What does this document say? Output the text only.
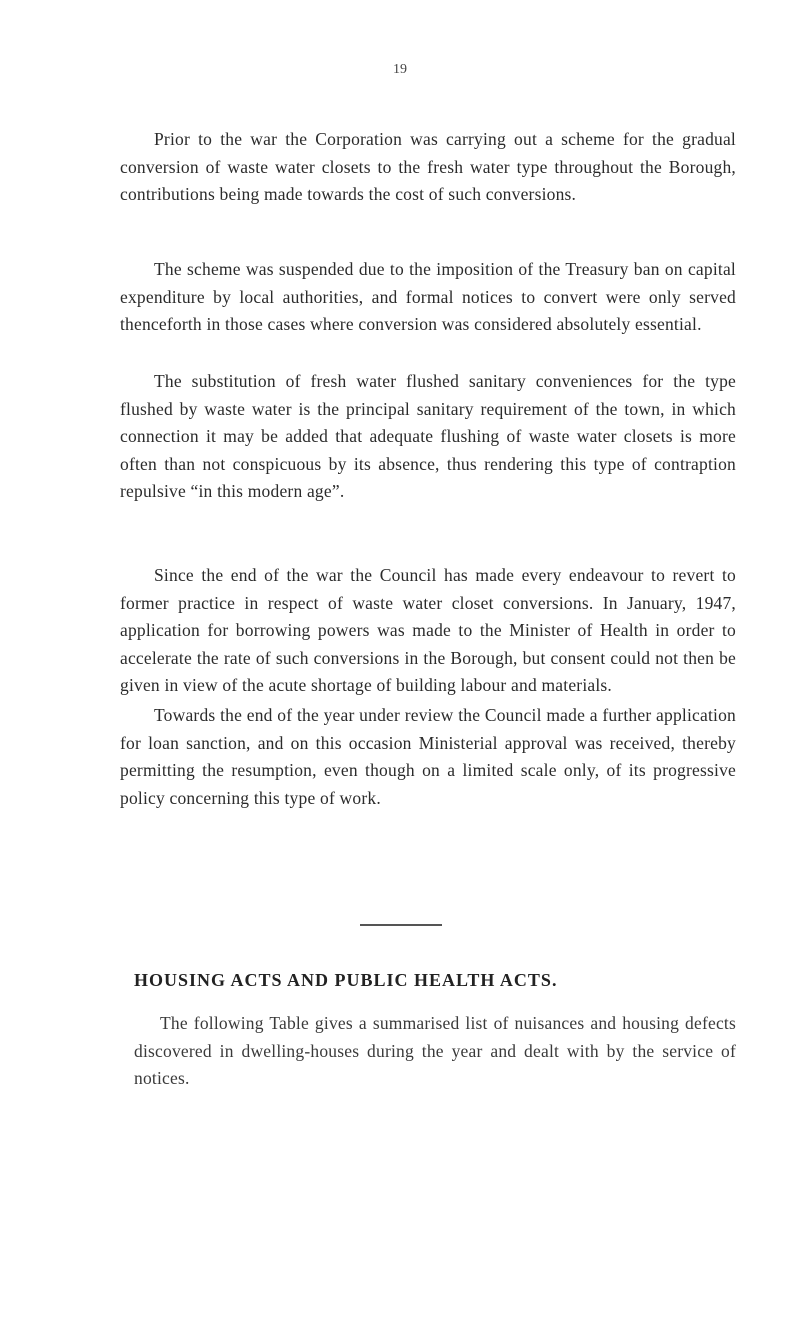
19

Prior to the war the Corporation was carrying out a scheme for the gradual conversion of waste water closets to the fresh water type throughout the Borough, contributions being made towards the cost of such conversions.

The scheme was suspended due to the imposition of the Treasury ban on capital expenditure by local authorities, and formal notices to convert were only served thenceforth in those cases where conversion was considered absolutely essential.

The substitution of fresh water flushed sanitary conveniences for the type flushed by waste water is the principal sanitary requirement of the town, in which connection it may be added that adequate flushing of waste water closets is more often than not conspicuous by its absence, thus rendering this type of contraption repulsive “in this modern age”.

Since the end of the war the Council has made every endeavour to revert to former practice in respect of waste water closet conversions. In January, 1947, application for borrowing powers was made to the Minister of Health in order to accelerate the rate of such conversions in the Borough, but consent could not then be given in view of the acute shortage of building labour and materials.

Towards the end of the year under review the Council made a further application for loan sanction, and on this occasion Ministerial approval was received, thereby permitting the resumption, even though on a limited scale only, of its progressive policy concerning this type of work.

HOUSING ACTS AND PUBLIC HEALTH ACTS.

The following Table gives a summarised list of nuisances and housing defects discovered in dwelling-houses during the year and dealt with by the service of notices.
